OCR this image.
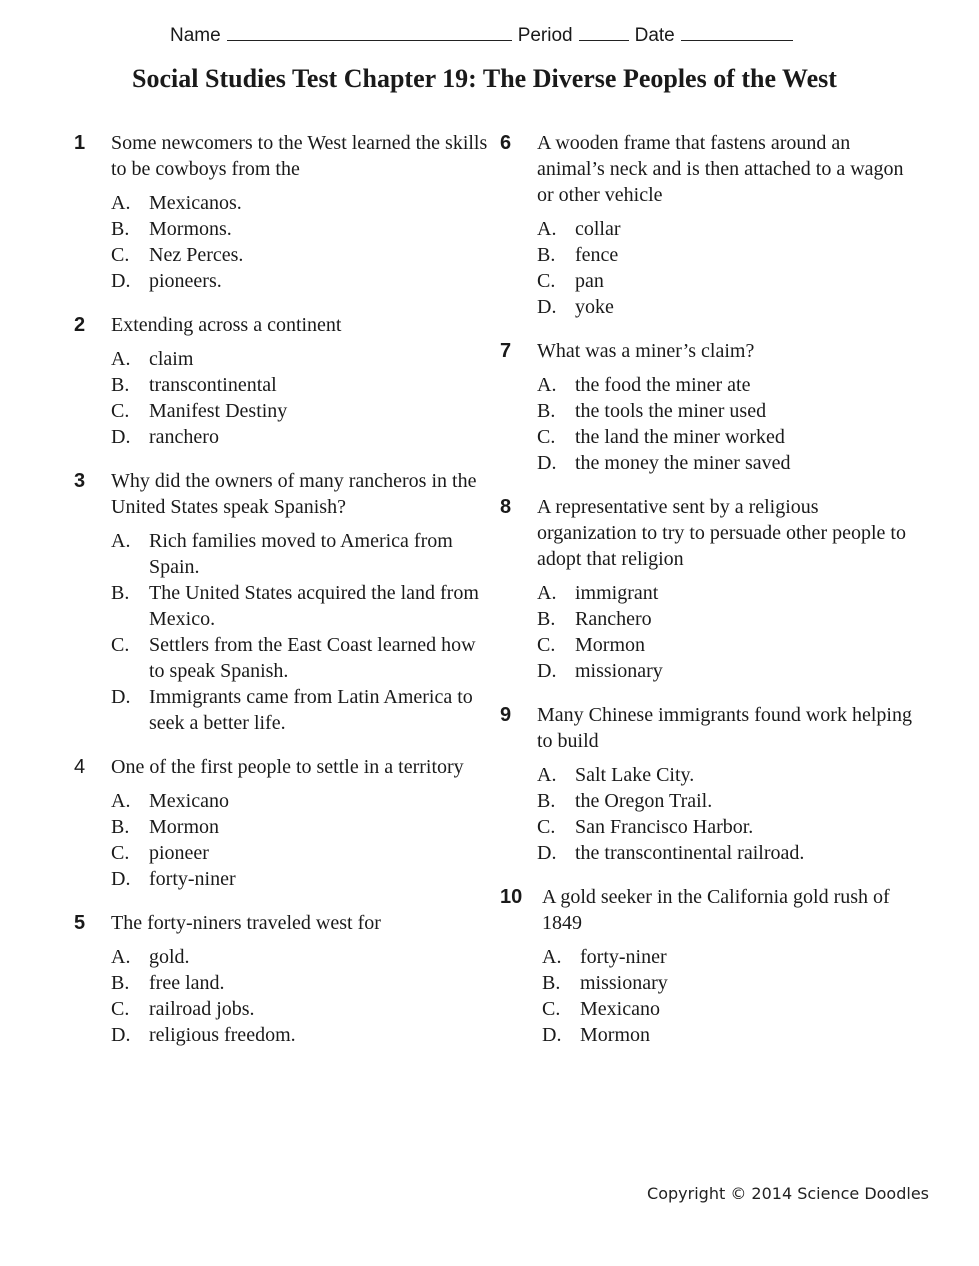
Name	Period	Date
Social Studies Test Chapter 19: The Diverse Peoples of the West
1 Some newcomers to the West learned the skills to be cowboys from the
A. Mexicanos.
B. Mormons.
C. Nez Perces.
D. pioneers.
2 Extending across a continent
A. claim
B. transcontinental
C. Manifest Destiny
D. ranchero
3 Why did the owners of many rancheros in the United States speak Spanish?
A. Rich families moved to America from Spain.
B. The United States acquired the land from Mexico.
C. Settlers from the East Coast learned how to speak Spanish.
D. Immigrants came from Latin America to seek a better life.
4 One of the first people to settle in a territory
A. Mexicano
B. Mormon
C. pioneer
D. forty-niner
5 The forty-niners traveled west for
A. gold.
B. free land.
C. railroad jobs.
D. religious freedom.
6 A wooden frame that fastens around an animal’s neck and is then attached to a wagon or other vehicle
A. collar
B. fence
C. pan
D. yoke
7 What was a miner’s claim?
A. the food the miner ate
B. the tools the miner used
C. the land the miner worked
D. the money the miner saved
8 A representative sent by a religious organization to try to persuade other people to adopt that religion
A. immigrant
B. Ranchero
C. Mormon
D. missionary
9 Many Chinese immigrants found work helping to build
A. Salt Lake City.
B. the Oregon Trail.
C. San Francisco Harbor.
D. the transcontinental railroad.
10 A gold seeker in the California gold rush of 1849
A. forty-niner
B. missionary
C. Mexicano
D. Mormon
Copyright © 2014 Science Doodles
